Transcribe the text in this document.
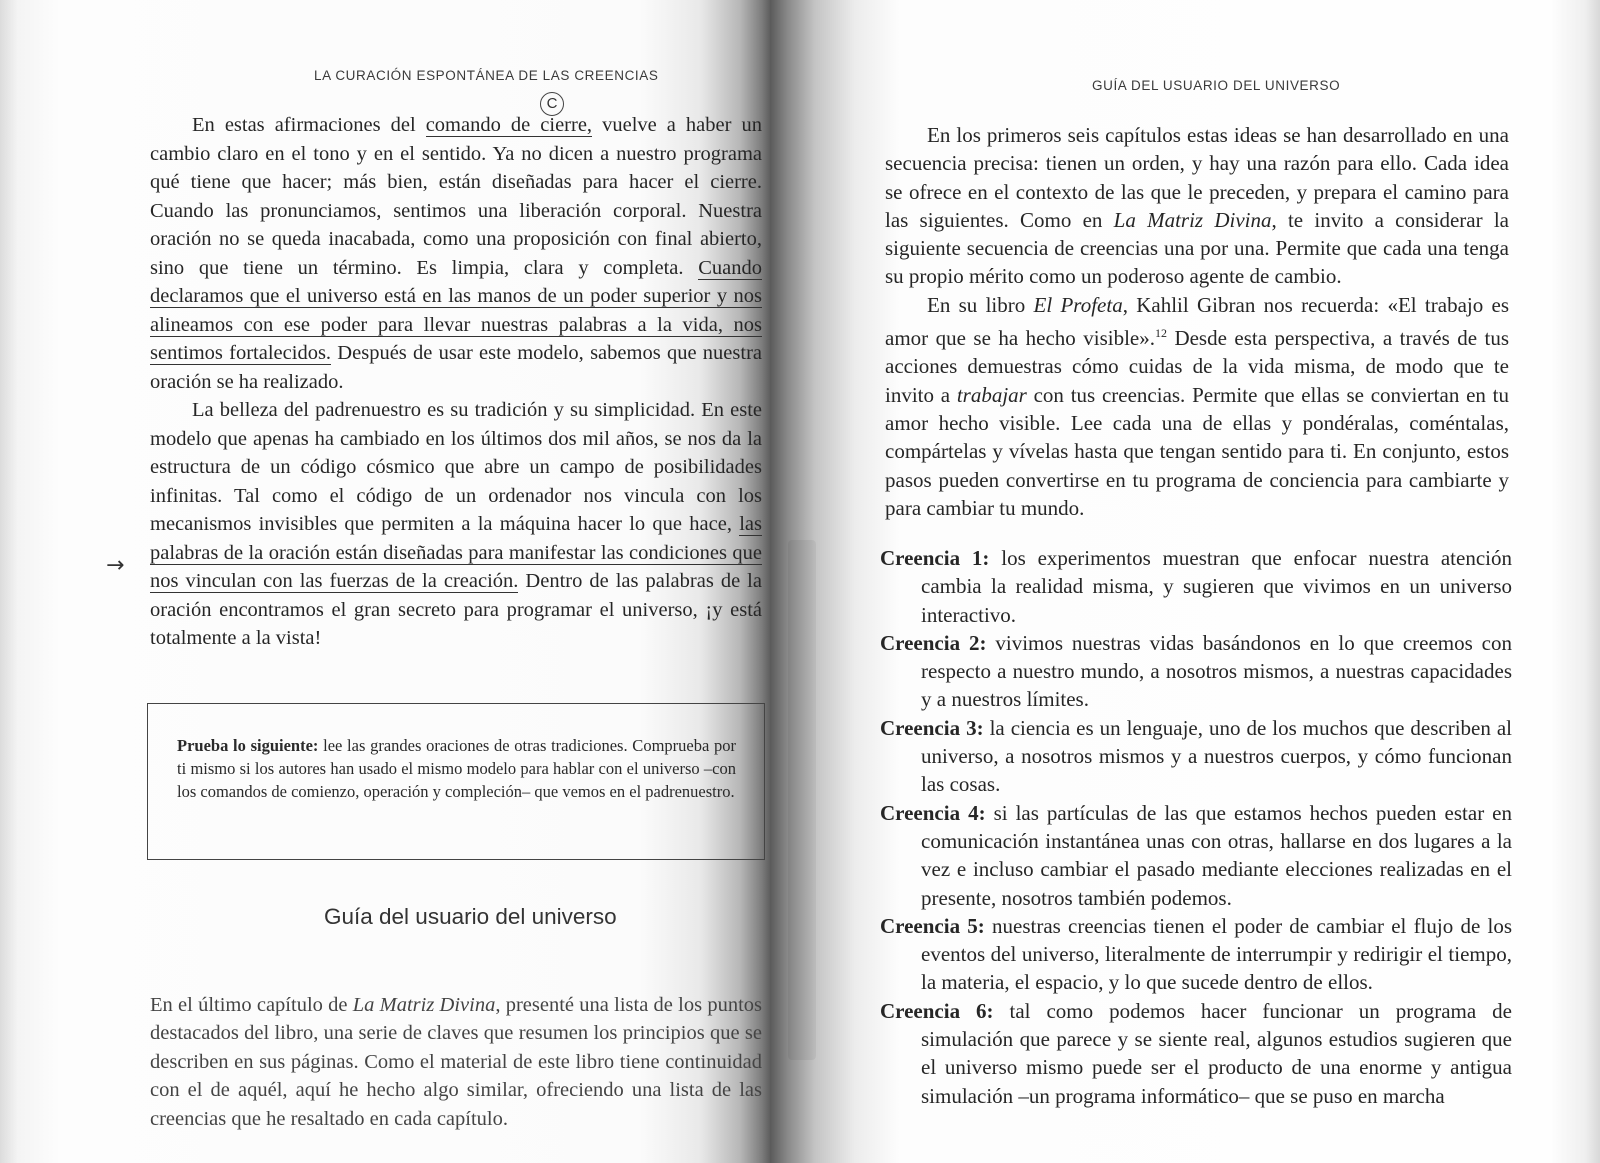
LA CURACIÓN ESPONTÁNEA DE LAS CREENCIAS
C
→

En estas afirmaciones del comando de cierre, vuelve a haber un cambio claro en el tono y en el sentido. Ya no dicen a nuestro programa qué tiene que hacer; más bien, están diseñadas para hacer el cierre. Cuando las pronunciamos, sentimos una liberación corporal. Nuestra oración no se queda inacabada, como una proposición con final abierto, sino que tiene un término. Es limpia, clara y completa. Cuando declaramos que el universo está en las manos de un poder superior y nos alineamos con ese poder para llevar nuestras palabras a la vida, nos sentimos fortalecidos. Después de usar este modelo, sabemos que nuestra oración se ha realizado.

La belleza del padrenuestro es su tradición y su simplicidad. En este modelo que apenas ha cambiado en los últimos dos mil años, se nos da la estructura de un código cósmico que abre un campo de posibilidades infinitas. Tal como el código de un ordenador nos vincula con los mecanismos invisibles que permiten a la máquina hacer lo que hace, las palabras de la oración están diseñadas para manifestar las condiciones que nos vinculan con las fuerzas de la creación. Dentro de las palabras de la oración encontramos el gran secreto para programar el universo, ¡y está totalmente a la vista!

Prueba lo siguiente: lee las grandes oraciones de otras tradiciones. Comprueba por ti mismo si los autores han usado el mismo modelo para hablar con el universo –con los comandos de comienzo, operación y compleción– que vemos en el padrenuestro.
Guía del usuario del universo

En el último capítulo de La Matriz Divina, presenté una lista de los puntos destacados del libro, una serie de claves que resumen los principios que se describen en sus páginas. Como el material de este libro tiene continuidad con el de aquél, aquí he hecho algo similar, ofreciendo una lista de las creencias que he resaltado en cada capítulo.

GUÍA DEL USUARIO DEL UNIVERSO

En los primeros seis capítulos estas ideas se han desarrollado en una secuencia precisa: tienen un orden, y hay una razón para ello. Cada idea se ofrece en el contexto de las que le preceden, y prepara el camino para las siguientes. Como en La Matriz Divina, te invito a considerar la siguiente secuencia de creencias una por una. Permite que cada una tenga su propio mérito como un poderoso agente de cambio.

En su libro El Profeta, Kahlil Gibran nos recuerda: «El trabajo es amor que se ha hecho visible».$^{12}$ Desde esta perspectiva, a través de tus acciones demuestras cómo cuidas de la vida misma, de modo que te invito a trabajar con tus creencias. Permite que ellas se conviertan en tu amor hecho visible. Lee cada una de ellas y pondéralas, coméntalas, compártelas y vívelas hasta que tengan sentido para ti. En conjunto, estos pasos pueden convertirse en tu programa de conciencia para cambiarte y para cambiar tu mundo.

Creencia 1: los experimentos muestran que enfocar nuestra atención cambia la realidad misma, y sugieren que vivimos en un universo interactivo.
Creencia 2: vivimos nuestras vidas basándonos en lo que creemos con respecto a nuestro mundo, a nosotros mismos, a nuestras capacidades y a nuestros límites.
Creencia 3: la ciencia es un lenguaje, uno de los muchos que describen al universo, a nosotros mismos y a nuestros cuerpos, y cómo funcionan las cosas.
Creencia 4: si las partículas de las que estamos hechos pueden estar en comunicación instantánea unas con otras, hallarse en dos lugares a la vez e incluso cambiar el pasado mediante elecciones realizadas en el presente, nosotros también podemos.
Creencia 5: nuestras creencias tienen el poder de cambiar el flujo de los eventos del universo, literalmente de interrumpir y redirigir el tiempo, la materia, el espacio, y lo que sucede dentro de ellos.
Creencia 6: tal como podemos hacer funcionar un programa de simulación que parece y se siente real, algunos estudios sugieren que el universo mismo puede ser el producto de una enorme y antigua simulación –un programa informático– que se puso en marcha
